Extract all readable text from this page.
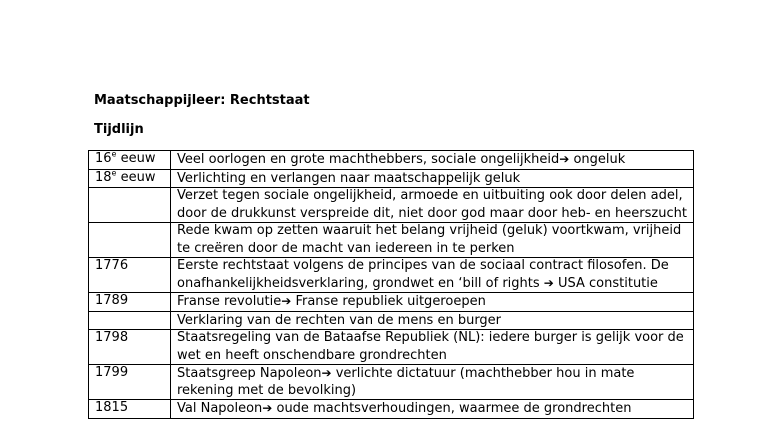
Maatschappijleer: Rechtstaat
Tijdlijn
16e eeuw	Veel oorlogen en grote machthebbers, sociale ongelijkheid➔ ongeluk
18e eeuw	Verlichting en verlangen naar maatschappelijk geluk
	Verzet tegen sociale ongelijkheid, armoede en uitbuiting ook door delen adel, door de drukkunst verspreide dit, niet door god maar door heb- en heerszucht
	Rede kwam op zetten waaruit het belang vrijheid (geluk) voortkwam, vrijheid te creëren door de macht van iedereen in te perken
1776	Eerste rechtstaat volgens de principes van de sociaal contract filosofen. De onafhankelijkheidsverklaring, grondwet en ‘bill of rights ➔ USA constitutie
1789	Franse revolutie➔ Franse republiek uitgeroepen
	Verklaring van de rechten van de mens en burger
1798	Staatsregeling van de Bataafse Republiek (NL): iedere burger is gelijk voor de wet en heeft onschendbare grondrechten
1799	Staatsgreep Napoleon➔ verlichte dictatuur (machthebber hou in mate rekening met de bevolking)
1815	Val Napoleon➔ oude machtsverhoudingen, waarmee de grondrechten
